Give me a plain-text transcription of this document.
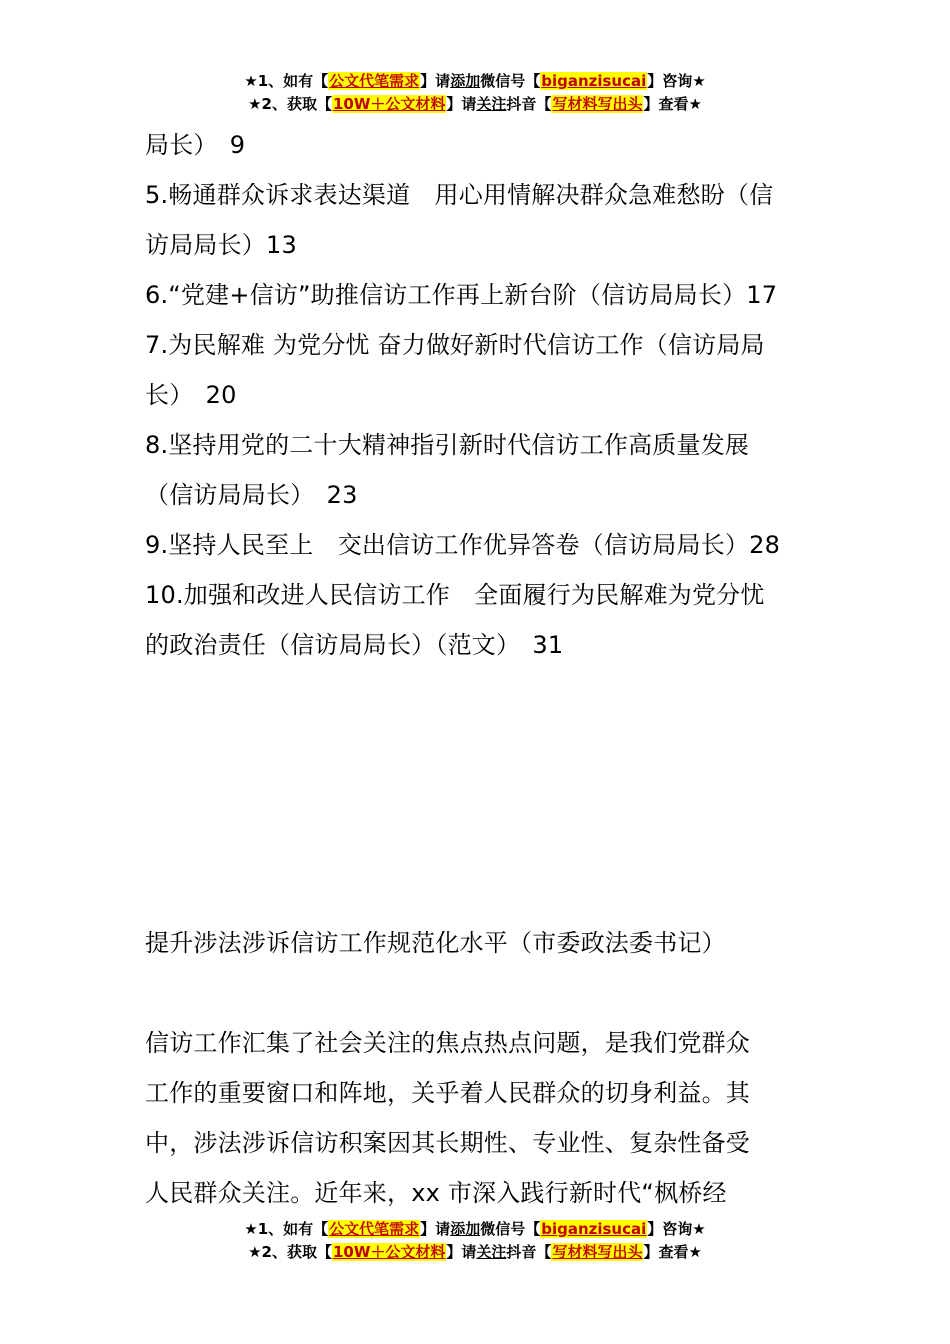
★1、如有【公文代笔需求】请添加微信号【biganzisucai】咨询★
★2、获取【10W＋公文材料】请关注抖音【写材料写出头】查看★
局长）　9
5.畅通群众诉求表达渠道　用心用情解决群众急难愁盼（信
访局局长）13
6.“党建+信访”助推信访工作再上新台阶（信访局局长）17
7.为民解难 为党分忧 奋力做好新时代信访工作（信访局局
长）　20
8.坚持用党的二十大精神指引新时代信访工作高质量发展
（信访局局长）　23
9.坚持人民至上　交出信访工作优异答卷（信访局局长）28
10.加强和改进人民信访工作　全面履行为民解难为党分忧
的政治责任（信访局局长）（范文）　31
提升涉法涉诉信访工作规范化水平（市委政法委书记）
信访工作汇集了社会关注的焦点热点问题，是我们党群众
工作的重要窗口和阵地，关乎着人民群众的切身利益。其
中，涉法涉诉信访积案因其长期性、专业性、复杂性备受
人民群众关注。近年来，xx 市深入践行新时代“枫桥经
★1、如有【公文代笔需求】请添加微信号【biganzisucai】咨询★
★2、获取【10W＋公文材料】请关注抖音【写材料写出头】查看★
